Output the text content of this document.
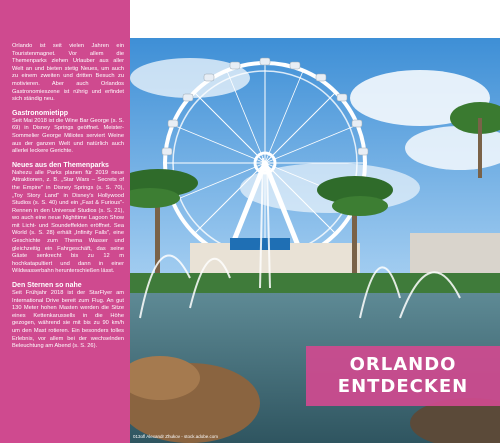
Orlando ist seit vielen Jahren ein Touristenmagnet. Vor allem die Themenparks ziehen Urlauber aus aller Welt an und bieten stetig Neues, um auch zu einem zweiten und dritten Besuch zu motivieren. Aber auch Orlandos Gastronomieszene ist rührig und erfindet sich ständig neu.

Gastronomietipp

Seit Mai 2018 ist die Wine Bar George (s. S. 69) in Disney Springs geöffnet. Meister-Sommelier George Miliotes serviert Weine aus der ganzen Welt und natürlich auch allerlei leckere Gerichte.

Neues aus den Themenparks

Nahezu alle Parks planen für 2019 neue Attraktionen, z. B. „Star Wars – Secrets of the Empire" in Disney Springs (s. S. 70), „Toy Story Land" in Disney's Hollywood Studios (s. S. 40) und ein „Fast & Furious"-Rennen in den Universal Studios (s. S. 21), wo auch eine neue Nighttime Lagoon Show mit Licht- und Soundeffekten eröffnet. Sea World (s. S. 28) erhält „Infinity Falls", eine Geschichte zum Thema Wasser und gleichzeitig ein Fahrgeschäft, das seine Gäste senkrecht bis zu 12 m hochkatapultiert und dann in einer Wildwasserbahn herunterschießen lässt.

Den Sternen so nahe

Seit Frühjahr 2018 ist der StarFlyer am International Drive bereit zum Flug. An gut 130 Meter hohen Masten werden die Sitze eines Kettenkarussells in die Höhe gezogen, während sie mit bis zu 90 km/h um den Mast rotieren. Ein besonders tolles Erlebnis, vor allem bei der wechselnden Beleuchtung am Abend (s. S. 26).

ORLANDO
ENTDECKEN
013ofl Alexandr Zhukov - stock.adobe.com
